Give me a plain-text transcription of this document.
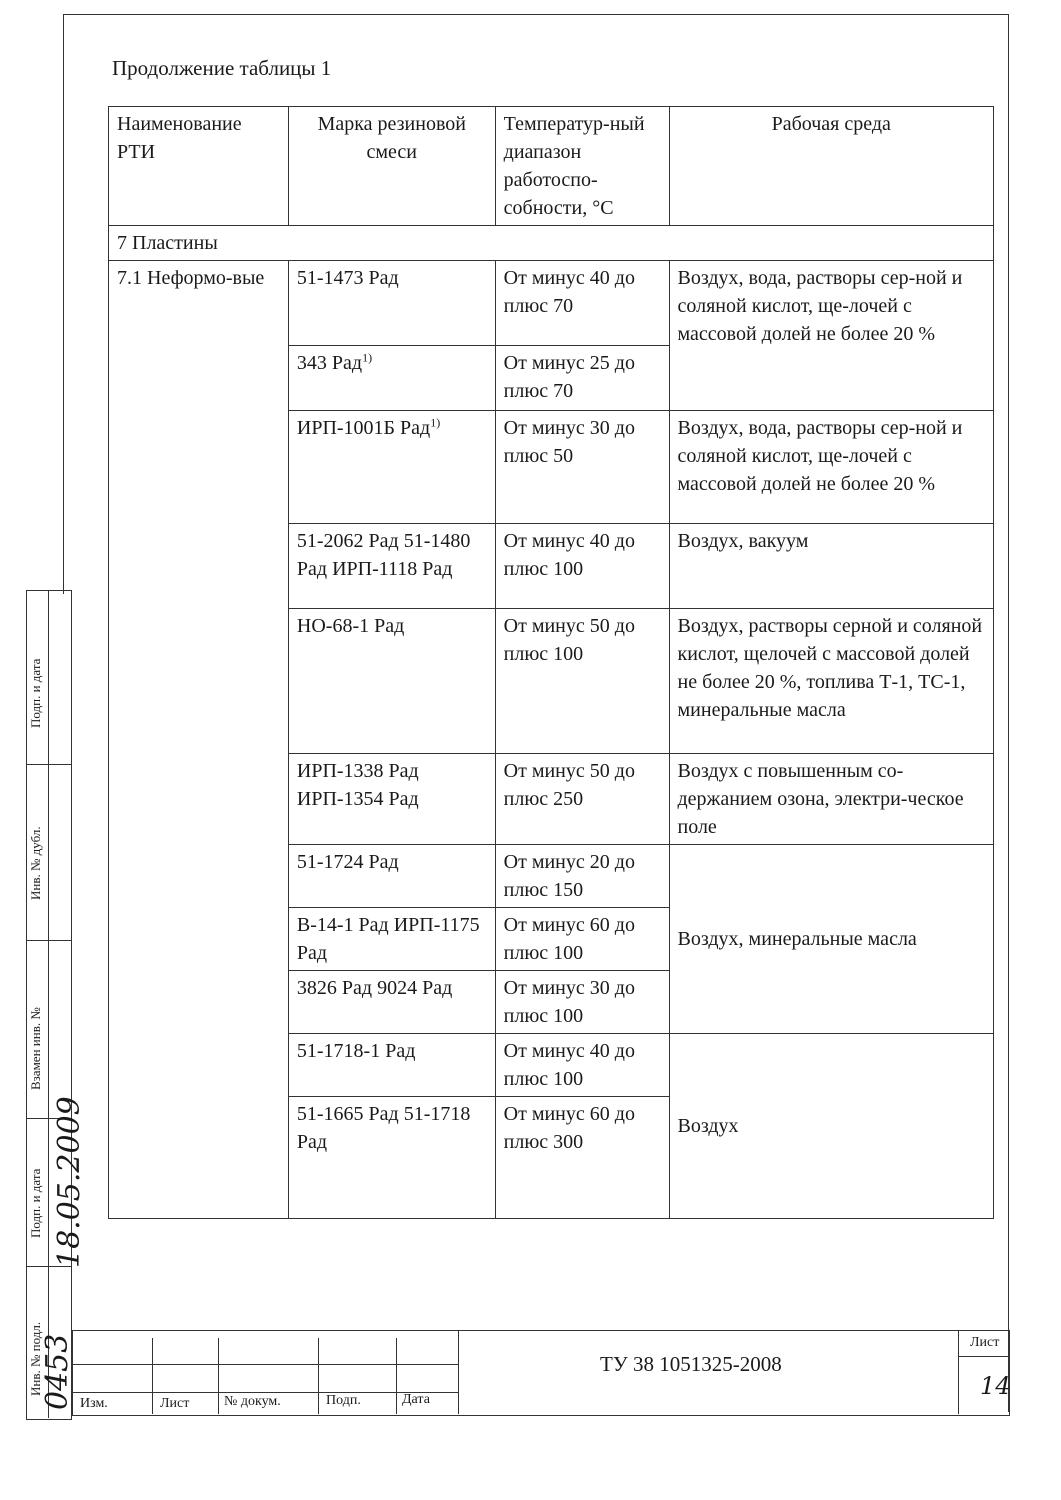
Продолжение таблицы 1
Наименование РТИ	Марка резиновой смеси	Температур-ный диапазон работоспо-собности, °С	Рабочая среда
7 Пластины			
7.1 Неформо-вые	51-1473 Рад	От минус 40 до плюс 70	Воздух, вода, растворы сер-ной и соляной кислот, ще-лочей с массовой долей не более 20 %
	343 Рад$^{1)}$	От минус 25 до плюс 70	
	ИРП-1001Б Рад$^{1)}$	От минус 30 до плюс 50	Воздух, вода, растворы сер-ной и соляной кислот, ще-лочей с массовой долей не более 20 %
	51-2062 Рад 51-1480 Рад ИРП-1118 Рад	От минус 40 до плюс 100	Воздух, вакуум
	НО-68-1 Рад	От минус 50 до плюс 100	Воздух, растворы серной и соляной кислот, щелочей с массовой долей не более 20 %, топлива Т-1, ТС-1, минеральные масла
	ИРП-1338 Рад ИРП-1354 Рад	От минус 50 до плюс 250	Воздух с повышенным со-держанием озона, электри-ческое поле
	51-1724 Рад	От минус 20 до плюс 150	Воздух, минеральные масла
	В-14-1 Рад ИРП-1175 Рад	От минус 60 до плюс 100	
	3826 Рад 9024 Рад	От минус 30 до плюс 100	
	51-1718-1 Рад	От минус 40 до плюс 100	Воздух
	51-1665 Рад 51-1718 Рад	От минус 60 до плюс 300	
Подп. и дата
Инв. № дубл.
Взамен инв. №
Подп. и дата
Инв. № подл.
18.05.2009
0453 Изм.	Лист № докум.	Подп.	Дата
ТУ 38 1051325-2008
Лист
14
